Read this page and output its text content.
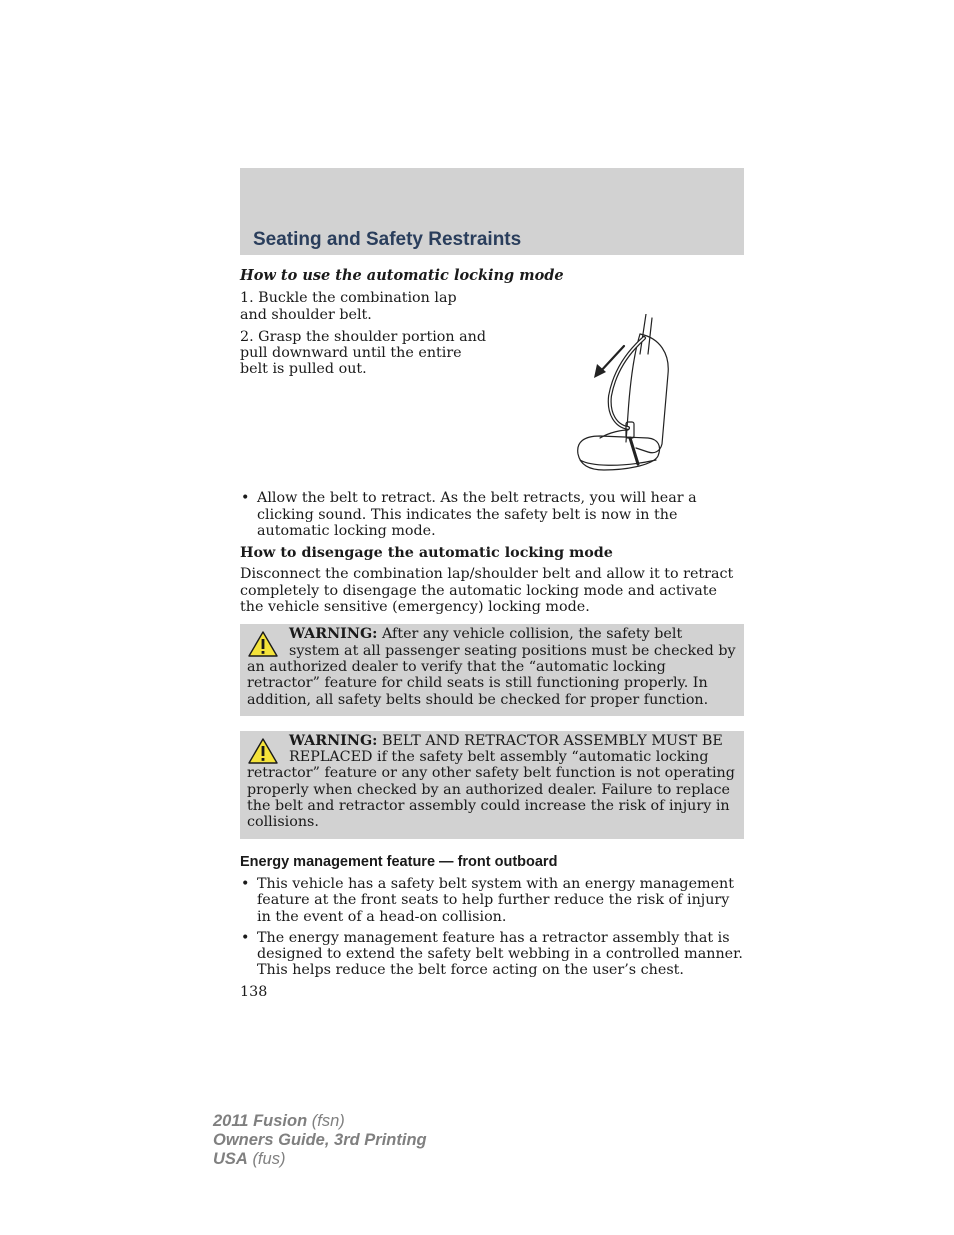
Seating and Safety Restraints

How to use the automatic locking mode

1. Buckle the combination lap and shoulder belt.

2. Grasp the shoulder portion and pull downward until the entire belt is pulled out.

• Allow the belt to retract. As the belt retracts, you will hear a clicking sound. This indicates the safety belt is now in the automatic locking mode.

How to disengage the automatic locking mode

Disconnect the combination lap/shoulder belt and allow it to retract completely to disengage the automatic locking mode and activate the vehicle sensitive (emergency) locking mode.

WARNING: After any vehicle collision, the safety belt system at all passenger seating positions must be checked by an authorized dealer to verify that the “automatic locking retractor” feature for child seats is still functioning properly. In addition, all safety belts should be checked for proper function.

WARNING: BELT AND RETRACTOR ASSEMBLY MUST BE REPLACED if the safety belt assembly “automatic locking retractor” feature or any other safety belt function is not operating properly when checked by an authorized dealer. Failure to replace the belt and retractor assembly could increase the risk of injury in collisions.

Energy management feature — front outboard

• This vehicle has a safety belt system with an energy management feature at the front seats to help further reduce the risk of injury in the event of a head-on collision.
• The energy management feature has a retractor assembly that is designed to extend the safety belt webbing in a controlled manner. This helps reduce the belt force acting on the user’s chest.

138

2011 Fusion (fsn)
Owners Guide, 3rd Printing
USA (fus)
